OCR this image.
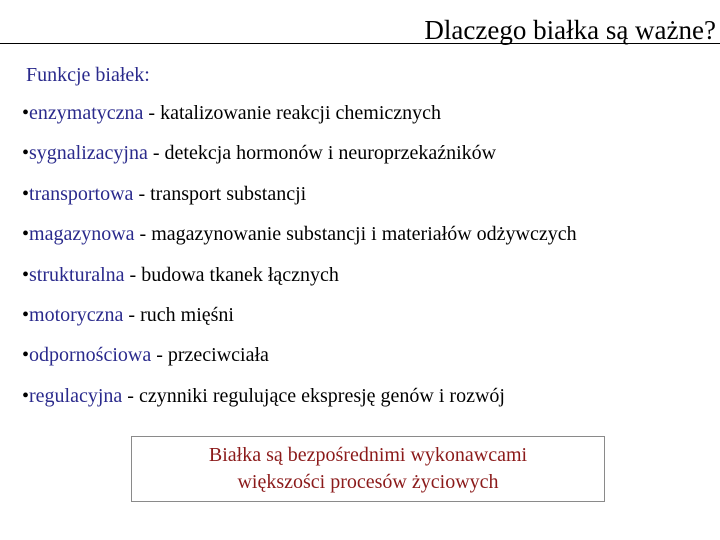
Dlaczego białka są ważne?
Funkcje białek:
•enzymatyczna - katalizowanie reakcji chemicznych
•sygnalizacyjna - detekcja hormonów i neuroprzekaźników
•transportowa - transport substancji
•magazynowa - magazynowanie substancji i materiałów odżywczych
•strukturalna - budowa tkanek łącznych
•motoryczna - ruch mięśni
•odpornościowa - przeciwciała
•regulacyjna - czynniki regulujące ekspresję genów i rozwój
Białka są bezpośrednimi wykonawcami
większości procesów życiowych
